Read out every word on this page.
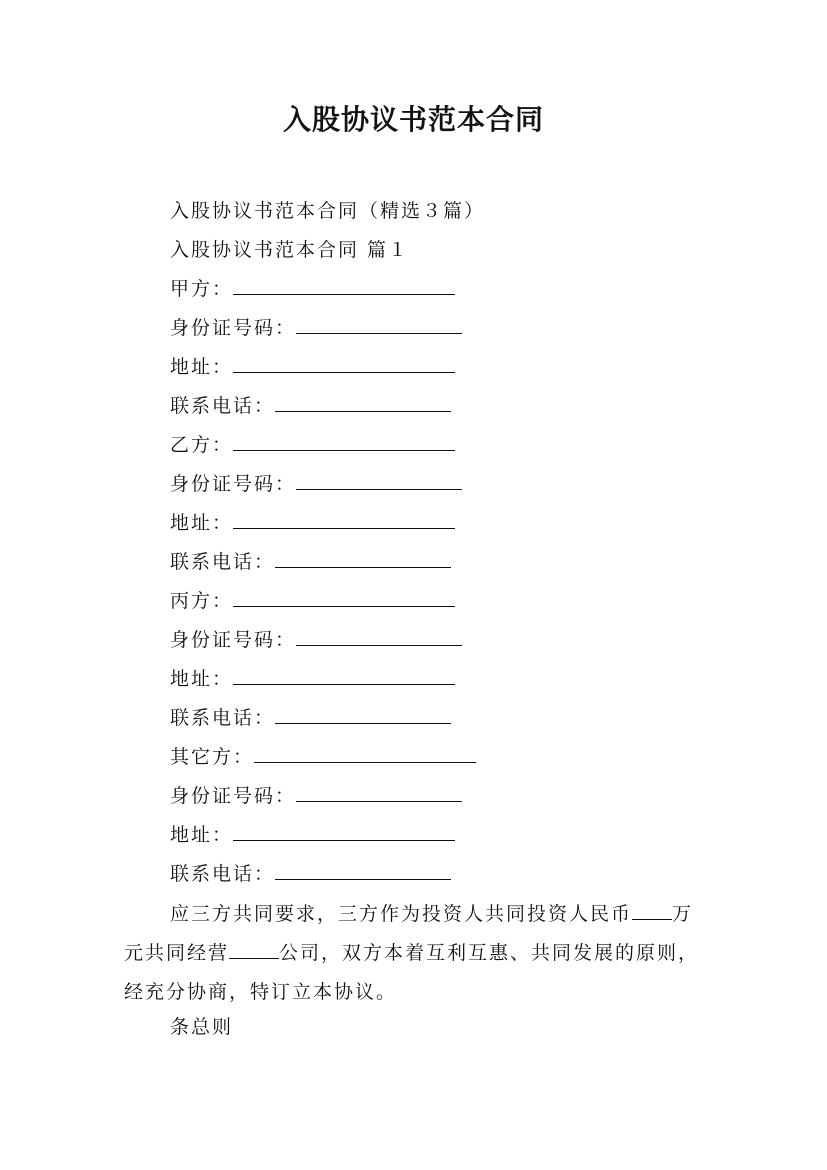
入股协议书范本合同
入股协议书范本合同（精选３篇）
入股协议书范本合同 篇１
甲方：
身份证号码：
地址：
联系电话：
乙方：
身份证号码：
地址：
联系电话：
丙方：
身份证号码：
地址：
联系电话：
其它方：
身份证号码：
地址：
联系电话：
应三方共同要求，三方作为投资人共同投资人民币 万元共同经营	公司，双方本着互利互惠、共同发展的原则，经充分协商，特订立本协议。
条总则
